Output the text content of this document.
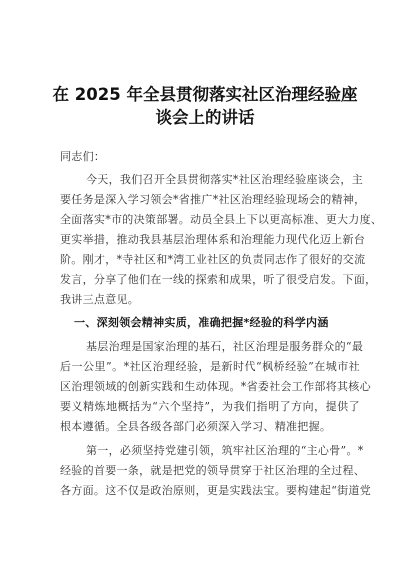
在 2025 年全县贯彻落实社区治理经验座
谈会上的讲话
同志们：
今天，我们召开全县贯彻落实*社区治理经验座谈会，主
要任务是深入学习领会*省推广*社区治理经验现场会的精神，
全面落实*市的决策部署。动员全县上下以更高标准、更大力度、
更实举措，推动我县基层治理体系和治理能力现代化迈上新台
阶。刚才，*寺社区和*湾工业社区的负责同志作了很好的交流
发言，分享了他们在一线的探索和成果，听了很受启发。下面，
我讲三点意见。
一、深刻领会精神实质，准确把握*经验的科学内涵
基层治理是国家治理的基石，社区治理是服务群众的“最
后一公里”。*社区治理经验，是新时代“枫桥经验”在城市社
区治理领域的创新实践和生动体现。*省委社会工作部将其核心
要义精炼地概括为“六个坚持”，为我们指明了方向，提供了
根本遵循。全县各级各部门必须深入学习、精准把握。
第一，必须坚持党建引领，筑牢社区治理的“主心骨”。*
经验的首要一条，就是把党的领导贯穿于社区治理的全过程、
各方面。这不仅是政治原则，更是实践法宝。要构建起“街道党
